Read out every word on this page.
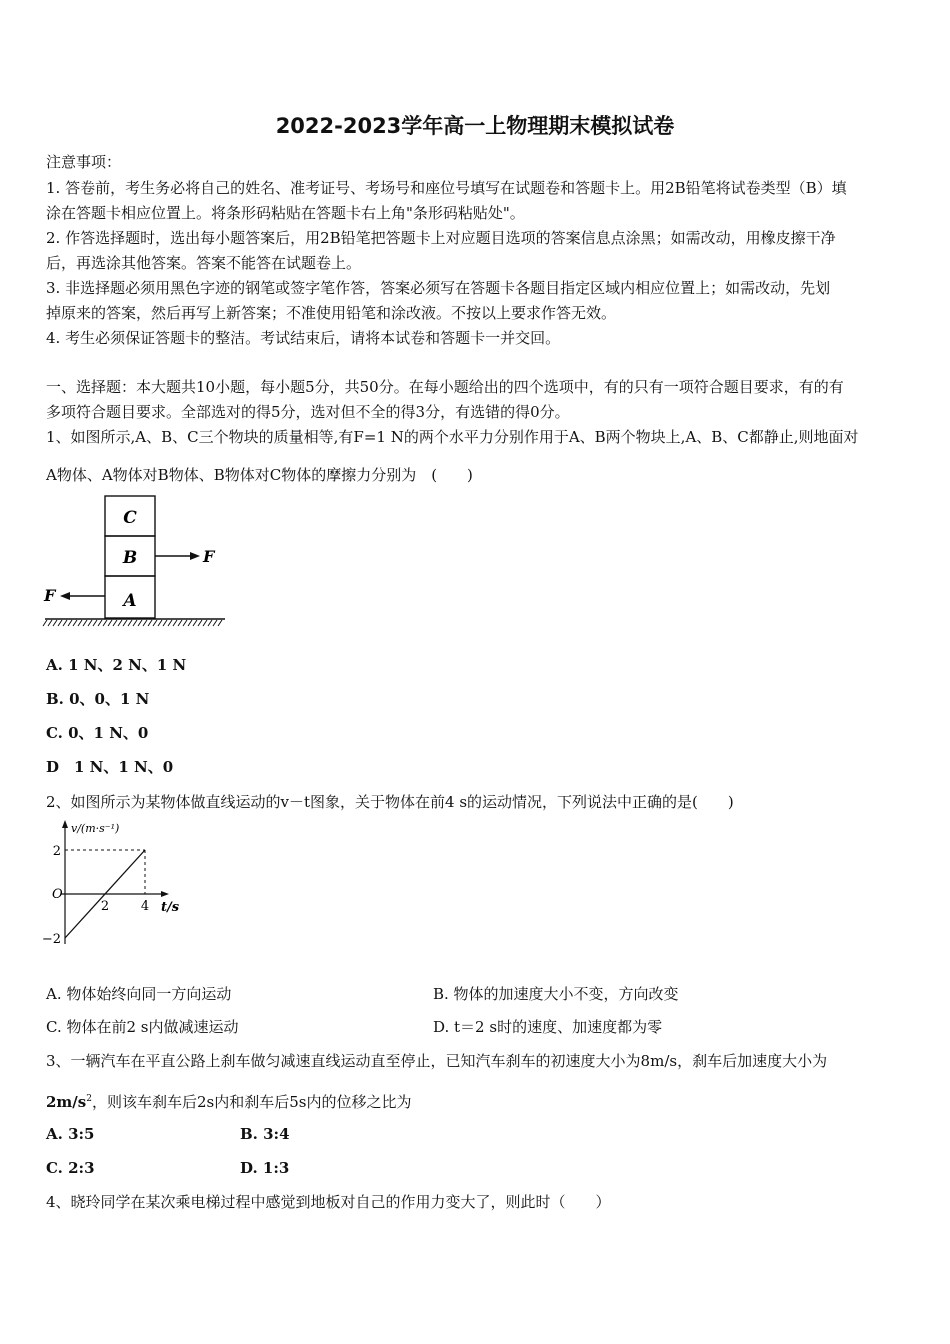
2022-2023学年高一上物理期末模拟试卷
注意事项：
1. 答卷前，考生务必将自己的姓名、准考证号、考场号和座位号填写在试题卷和答题卡上。用2B铅笔将试卷类型（B）填
涂在答题卡相应位置上。将条形码粘贴在答题卡右上角"条形码粘贴处"。
2. 作答选择题时，选出每小题答案后，用2B铅笔把答题卡上对应题目选项的答案信息点涂黑；如需改动，用橡皮擦干净
后，再选涂其他答案。答案不能答在试题卷上。
3. 非选择题必须用黑色字迹的钢笔或签字笔作答，答案必须写在答题卡各题目指定区域内相应位置上；如需改动，先划
掉原来的答案，然后再写上新答案；不准使用铅笔和涂改液。不按以上要求作答无效。
4. 考生必须保证答题卡的整洁。考试结束后，请将本试卷和答题卡一并交回。
一、选择题：本大题共10小题，每小题5分，共50分。在每小题给出的四个选项中，有的只有一项符合题目要求，有的有
多项符合题目要求。全部选对的得5分，选对但不全的得3分，有选错的得0分。
1、如图所示,A、B、C三个物块的质量相等,有F=1 N的两个水平力分别作用于A、B两个物块上,A、B、C都静止,则地面对
A物体、A物体对B物体、B物体对C物体的摩擦力分别为　(　　)
C
B
A
F
F
A. 1 N、2 N、1 N
B. 0、0、1 N
C. 0、1 N、0
D　1 N、1 N、0
2、如图所示为某物体做直线运动的v－t图象，关于物体在前4 s的运动情况，下列说法中正确的是(　　)
v/(m·s⁻¹)
t/s
O
2 4
2
−2
A. 物体始终向同一方向运动	B. 物体的加速度大小不变，方向改变
C. 物体在前2 s内做减速运动	D. t＝2 s时的速度、加速度都为零
3、一辆汽车在平直公路上刹车做匀减速直线运动直至停止，已知汽车刹车的初速度大小为8m/s，刹车后加速度大小为
$2m/s^2$，则该车刹车后2s内和刹车后5s内的位移之比为
A. 3:5	B. 3:4
C. 2:3	D. 1:3
4、晓玲同学在某次乘电梯过程中感觉到地板对自己的作用力变大了，则此时（　　）
